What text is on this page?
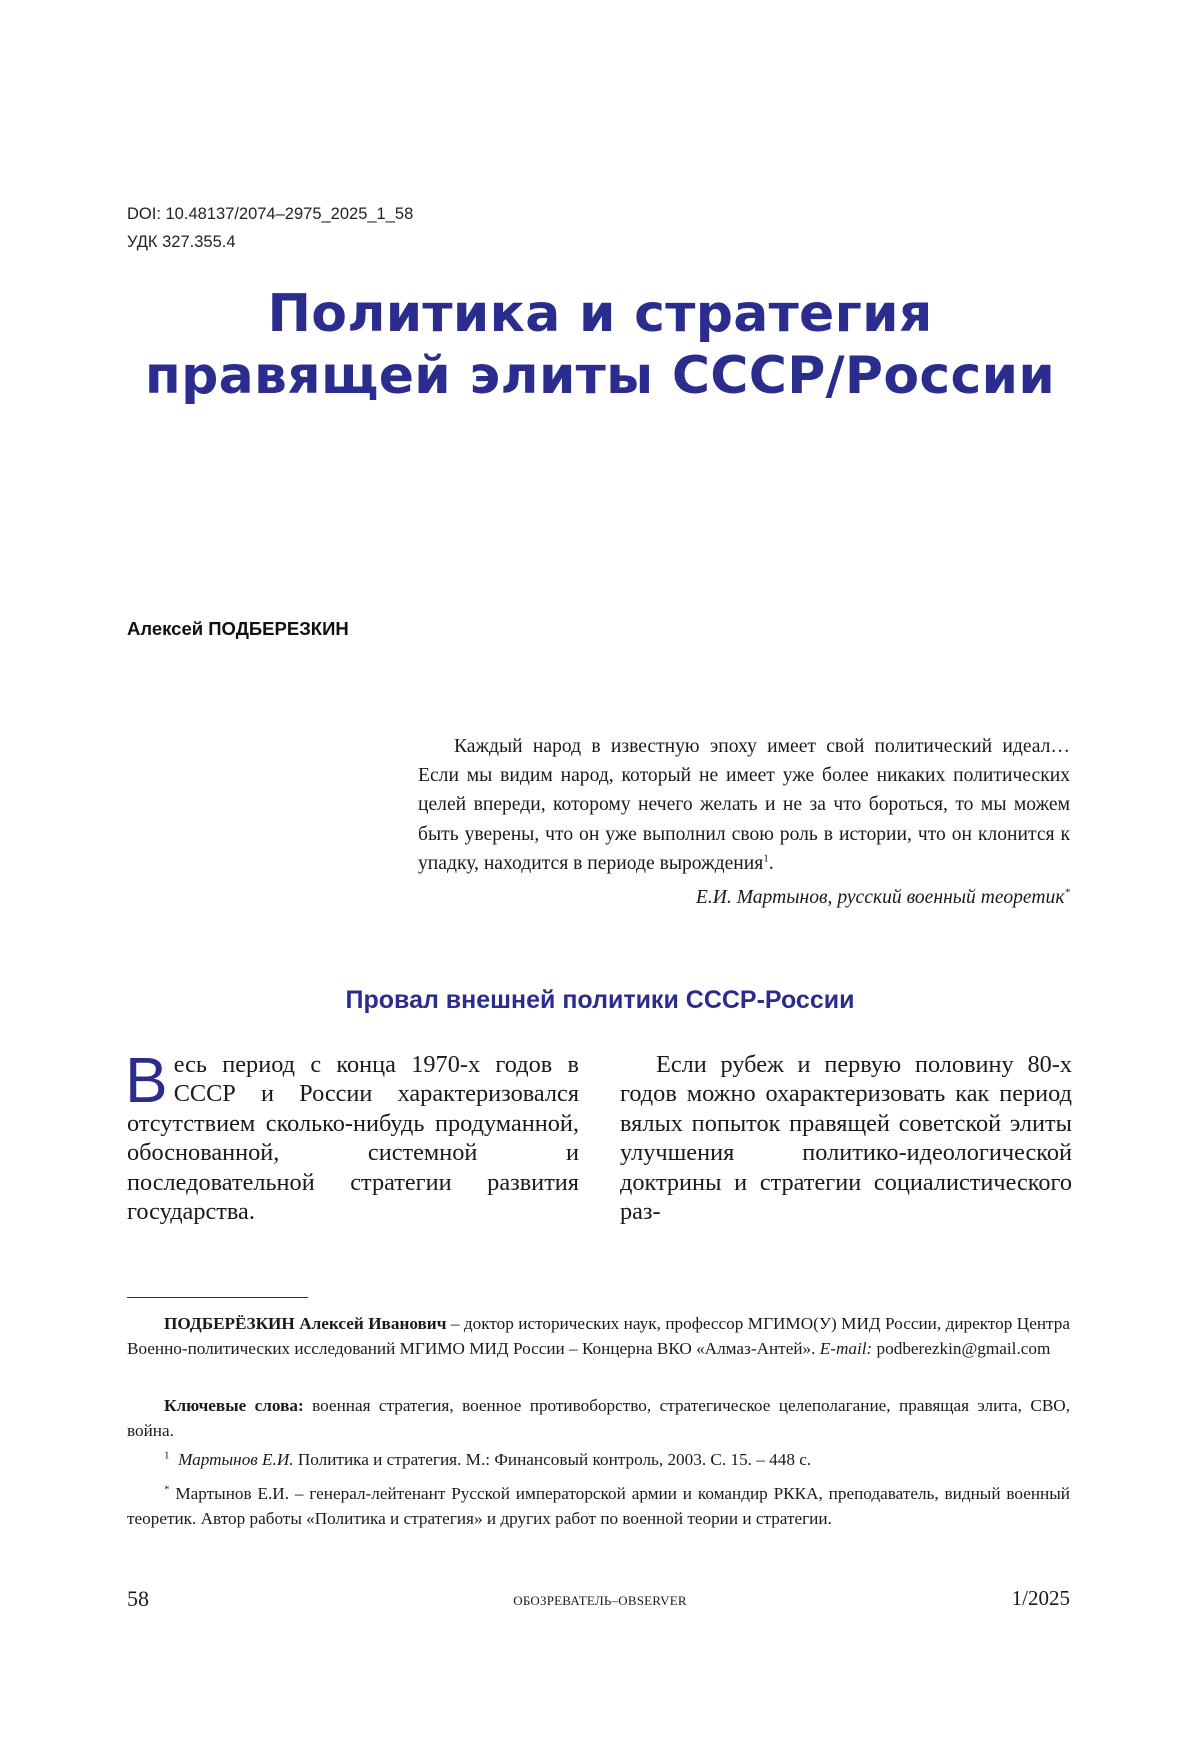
DOI: 10.48137/2074–2975_2025_1_58
УДК 327.355.4
Политика и стратегия
правящей элиты СССР/России
Алексей ПОДБЕРЕЗКИН
Каждый народ в известную эпоху имеет свой политический идеал… Если мы видим народ, который не имеет уже более никаких политических целей впереди, которому нечего желать и не за что бороться, то мы можем быть уверены, что он уже выполнил свою роль в истории, что он клонится к упадку, находится в периоде вырождения1.
Е.И. Мартынов, русский военный теоретик*
Провал внешней политики СССР-России
В есь период с конца 1970-х годов в СССР и России характеризовался отсутствием сколько-нибудь продуманной, обоснованной, системной и последовательной стратегии развития государства.
Если рубеж и первую половину 80-х годов можно охарактеризовать как период вялых попыток правящей советской элиты улучшения политико-идеологической доктрины и стратегии социалистического раз-
ПОДБЕРЁЗКИН Алексей Иванович – доктор исторических наук, профессор МГИМО(У) МИД России, директор Центра Военно-политических исследований МГИМО МИД России – Концерна ВКО «Алмаз-Антей». E-mail: podberezkin@gmail.com
Ключевые слова: военная стратегия, военное противоборство, стратегическое целеполагание, правящая элита, СВО, война.
1 Мартынов Е.И. Политика и стратегия. М.: Финансовый контроль, 2003. С. 15. – 448 с.
* Мартынов Е.И. – генерал-лейтенант Русской императорской армии и командир РККА, преподаватель, видный военный теоретик. Автор работы «Политика и стратегия» и других работ по военной теории и стратегии.
58	ОБОЗРЕВАТЕЛЬ–OBSERVER	1/2025
